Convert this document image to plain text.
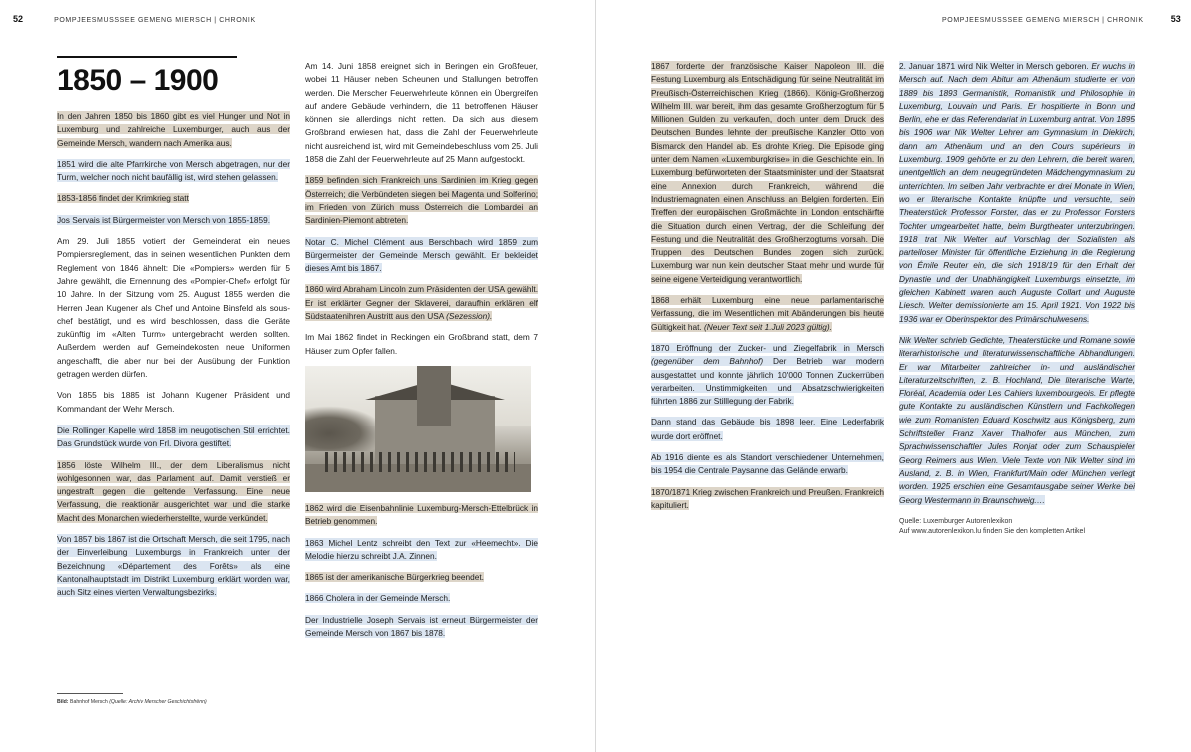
52	POMPJEESMUSSSEE GEMENG MIERSCH | CHRONIK
1850 – 1900

In den Jahren 1850 bis 1860 gibt es viel Hunger und Not in Luxemburg und zahlreiche Luxemburger, auch aus der Gemeinde Mersch, wandern nach Amerika aus.

1851 wird die alte Pfarrkirche von Mersch abgetragen, nur der Turm, welcher noch nicht baufällig ist, wird stehen gelassen.

1853-1856 findet der Krimkrieg statt

Jos Servais ist Bürgermeister von Mersch von 1855-1859.

Am 29. Juli 1855 votiert der Gemeinderat ein neues Pompiersreglement, das in seinen wesentlichen Punkten dem Reglement von 1846 ähnelt: Die «Pompiers» werden für 5 Jahre gewählt, die Ernennung des «Pompier-Chef» erfolgt für 10 Jahre. In der Sitzung vom 25. August 1855 werden die Herren Jean Kugener als Chef und Antoine Binsfeld als sous-chef bestätigt, und es wird beschlossen, dass die Geräte zukünftig im «Alten Turm» untergebracht werden sollten. Außerdem werden auf Gemeindekosten neue Uniformen angeschafft, die aber nur bei der Ausübung der Funktion getragen werden dürfen.

Von 1855 bis 1885 ist Johann Kugener Präsident und Kommandant der Wehr Mersch.

Die Rollinger Kapelle wird 1858 im neugotischen Stil errichtet. Das Grundstück wurde von Frl. Divora gestiftet.

1856 löste Wilhelm III., der dem Liberalismus nicht wohlgesonnen war, das Parlament auf. Damit verstieß er ungestraft gegen die geltende Verfassung. Eine neue Verfassung, die reaktionär ausgerichtet war und die starke Macht des Monarchen wiederherstellte, wurde verkündet.

Von 1857 bis 1867 ist die Ortschaft Mersch, die seit 1795, nach der Einverleibung Luxemburgs in Frankreich unter der Bezeichnung «Département des Forêts» als eine Kantonalhauptstadt im Distrikt Luxemburg erklärt worden war, auch Sitz eines vierten Verwaltungsbezirks.

Am 14. Juni 1858 ereignet sich in Beringen ein Großfeuer, wobei 11 Häuser neben Scheunen und Stallungen betroffen werden. Die Merscher Feuerwehrleute können ein Übergreifen auf andere Gebäude verhindern, die 11 betroffenen Häuser können sie allerdings nicht retten. Da sich aus diesem Großbrand erwiesen hat, dass die Zahl der Feuerwehrleute nicht ausreichend ist, wird mit Gemeindebeschluss vom 25. Juli 1858 die Zahl der Feuerwehrleute auf 25 Mann aufgestockt.

1859 befinden sich Frankreich uns Sardinien im Krieg gegen Österreich; die Verbündeten siegen bei Magenta und Solferino; im Frieden von Zürich muss Österreich die Lombardei an Sardinien-Piemont abtreten.

Notar C. Michel Clément aus Berschbach wird 1859 zum Bürgermeister der Gemeinde Mersch gewählt. Er bekleidet dieses Amt bis 1867.

1860 wird Abraham Lincoln zum Präsidenten der USA gewählt. Er ist erklärter Gegner der Sklaverei, daraufhin erklären elf Südstaatenihren Austritt aus den USA (Sezession).

Im Mai 1862 findet in Reckingen ein Großbrand statt, dem 7 Häuser zum Opfer fallen.

1862 wird die Eisenbahnlinie Luxemburg-Mersch-Ettelbrück in Betrieb genommen.

1863 Michel Lentz schreibt den Text zur «Heemecht». Die Melodie hierzu schreibt J.A. Zinnen.

1865 ist der amerikanische Bürgerkrieg beendet.

1866 Cholera in der Gemeinde Mersch.

Der Industrielle Joseph Servais ist erneut Bürgermeister der Gemeinde Mersch von 1867 bis 1878.

Bild: Bahnhof Mersch (Quelle: Archiv Merscher Geschichtsfrënn)
POMPJEESMUSSSEE GEMENG MIERSCH | CHRONIK	53

1867 forderte der französische Kaiser Napoleon III. die Festung Luxemburg als Entschädigung für seine Neutralität im Preußisch-Österreichischen Krieg (1866). König-Großherzog Wilhelm III. war bereit, ihm das gesamte Großherzogtum für 5 Millionen Gulden zu verkaufen, doch unter dem Druck des Deutschen Bundes lehnte der preußische Kanzler Otto von Bismarck den Handel ab. Es drohte Krieg. Die Episode ging unter dem Namen «Luxemburgkrise» in die Geschichte ein. In Luxemburg befürworteten der Staatsminister und der Staatsrat eine Annexion durch Frankreich, während die Industriemagnaten einen Anschluss an Belgien forderten. Ein Treffen der europäischen Großmächte in London entschärfte die Situation durch einen Vertrag, der die Schleifung der Festung und die Neutralität des Großherzogtums vorsah. Die Truppen des Deutschen Bundes zogen sich zurück. Luxemburg war nun kein deutscher Staat mehr und wurde für seine eigene Verteidigung verantwortlich.

1868 erhält Luxemburg eine neue parlamentarische Verfassung, die im Wesentlichen mit Abänderungen bis heute Gültigkeit hat. (Neuer Text seit 1.Juli 2023 gültig).

1870 Eröffnung der Zucker- und Ziegelfabrik in Mersch (gegenüber dem Bahnhof) Der Betrieb war modern ausgestattet und konnte jährlich 10'000 Tonnen Zuckerrüben verarbeiten. Unstimmigkeiten und Absatzschwierigkeiten führten 1886 zur Stilllegung der Fabrik.

Dann stand das Gebäude bis 1898 leer. Eine Lederfabrik wurde dort eröffnet.

Ab 1916 diente es als Standort verschiedener Unternehmen, bis 1954 die Centrale Paysanne das Gelände erwarb.

1870/1871 Krieg zwischen Frankreich und Preußen. Frankreich kapituliert.

2. Januar 1871 wird Nik Welter in Mersch geboren. Er wuchs in Mersch auf. Nach dem Abitur am Athenäum studierte er von 1889 bis 1893 Germanistik, Romanistik und Philosophie in Luxemburg, Louvain und Paris. Er hospitierte in Bonn und Berlin, ehe er das Referendariat in Luxemburg antrat. Von 1895 bis 1906 war Nik Welter Lehrer am Gymnasium in Diekirch, dann am Athenäum und an den Cours supérieurs in Luxemburg. 1909 gehörte er zu den Lehrern, die bereit waren, unentgeltlich an dem neugegründeten Mädchengymnasium zu unterrichten. Im selben Jahr verbrachte er drei Monate in Wien, wo er literarische Kontakte knüpfte und versuchte, sein Theaterstück Professor Forster, das er zu Professor Forsters Tochter umgearbeitet hatte, beim Burgtheater unterzubringen. 1918 trat Nik Welter auf Vorschlag der Sozialisten als parteiloser Minister für öffentliche Erziehung in die Regierung von Émile Reuter ein, die sich 1918/19 für den Erhalt der Dynastie und der Unabhängigkeit Luxemburgs einsetzte, im gleichen Kabinett waren auch Auguste Collart und Auguste Liesch. Welter demissionierte am 15. April 1921. Von 1922 bis 1936 war er Oberinspektor des Primärschulwesens.

Nik Welter schrieb Gedichte, Theaterstücke und Romane sowie literarhistorische und literaturwissenschaftliche Abhandlungen. Er war Mitarbeiter zahlreicher in- und ausländischer Literaturzeitschriften, z. B. Hochland, Die literarische Warte, Floréal, Academia oder Les Cahiers luxembourgeois. Er pflegte gute Kontakte zu ausländischen Künstlern und Fachkollegen wie zum Romanisten Eduard Koschwitz aus Königsberg, zum Schriftsteller Franz Xaver Thalhofer aus München, zum Sprachwissenschaftler Jules Ronjat oder zum Schauspieler Georg Reimers aus Wien. Viele Texte von Nik Welter sind im Ausland, z. B. in Wien, Frankfurt/Main oder München verlegt worden. 1925 erschien eine Gesamtausgabe seiner Werke bei Georg Westermann in Braunschweig.…

Quelle: Luxemburger Autorenlexikon
Auf www.autorenlexikon.lu finden Sie den kompletten Artikel
